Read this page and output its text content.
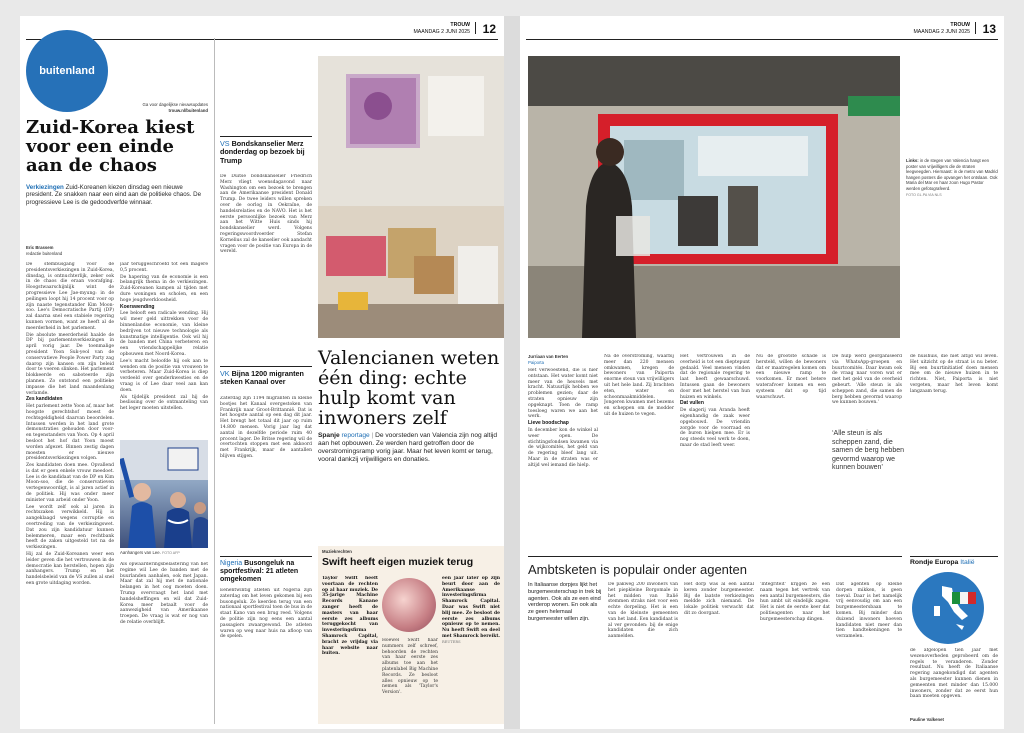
TROUW
MAANDAG 2 JUNI 2025 12
buitenland
Ga voor dagelijkse nieuwsupdates
trouw.nl/buitenland
Zuid-Korea kiest voor een einde aan de chaos
Verkiezingen Zuid-Koreanen kiezen dinsdag een nieuwe president. Ze snakken naar een eind aan de politieke chaos. De progressieve Lee is de gedoodverfde winnaar.
Eric Brassem
redactie buitenland

De stembusgang voor de presidentsverkiezingen in Zuid-Korea, dinsdag, is ontnuchterlijk, zeker ook in de chaos die eraan voorafging. Hoogstwaarschijnlijk wint de progressieve Lee Jae-myung: in de peilingen loopt hij 14 procent voor op zijn naaste tegenstander Kim Moon-soo. Lee's Democratische Partij (DP) zal daarna snel een stabiele regering kunnen vormen, want ze heeft al de meerderheid in het parlement.

Die absolute meerderheid haalde de DP bij parlementsverkiezingen in april vorig jaar. De toenmalige president Yoon Suk-yeol van de conservatieve People Power Party zag daarop zijn kansen om zijn beleid door te voeren slinken. Het parlement blokkeerde en saboteerde zijn plannen. Zo ontstond een politieke impasse die het land maandenlang verlamde.

Zes kandidaten

Het parlement zette Yoon af, maar het hoogste gerechtshof moest de rechtsgeldigheid daarvan beoordelen. Intussen werden in het land grote demonstraties gehouden door voor- en tegenstanders van Yoon. Op 4 april besloot het hof dat Yoon moest worden afgezet. Binnen zestig dagen moesten er nieuwe presidentsverkiezingen volgen.

Zes kandidaten doen mee. Opvallend is dat er geen enkele vrouw meedoet. Lee is de kandidaat van de DP en Kim Moon-soo, die de conservatieven vertegenwoordigt, is al jaren actief in de politiek. Hij was onder meer minister van arbeid onder Yoon.

Lee wordt zelf ook al jaren in rechtszaken verwikkeld. Hij is aangeklaagd wegens corruptie en overtreding van de verkiezingswet. Dat zou zijn kandidatuur kunnen belemmeren, maar een rechtbank heeft de zaken uitgesteld tot na de verkiezingen.

Hij zal de Zuid-Koreanen weer een leider geven die het vertrouwen in de democratie kan herstellen, hopen zijn aanhangers. Trump en het handelsbeleid van de VS zullen al snel een grote uitdaging worden.

jaar teruggeschroefd tot een magere 0,5 procent.

De hapering van de economie is een belangrijk thema in de verkiezingen. Zuid-Koreanen kampen al tijden met dure woningen en scholen, en een hoge jeugdwerkloosheid.

Koerswending

Lee belooft een radicale wending. Hij wil meer geld uittrekken voor de binnenlandse economie, van kleine bedrijven tot nieuwe technologie als kunstmatige intelligentie. Ook wil hij de banden met China verbeteren en een vriendschappelijke relatie opbouwen met Noord-Korea.

Lee's macht beloofde hij ook aan te wenden om de positie van vrouwen te verbeteren. Maar Zuid-Korea is diep verdeeld over genderkwesties en de vraag is of Lee daar veel aan kan doen.

Als tijdelijk president zal hij de beslissing over de ontmanteling van het leger moeten uitstellen.

Aanhangers van Lee. FOTO AFP

Als opwaarderingsbelastering van het regime wil Lee de banden met de buurlanden aanhalen, ook met Japan. Maar dat zal hij met de nationale belangen in het oog moeten doen. Trump overvraagt het land met handelsheffingen en wil dat Zuid-Korea meer betaalt voor de aanwezigheid van Amerikaanse troepen. De vraag is wat er nog van de relatie overblijft.

VS Bondskanselier Merz donderdag op bezoek bij Trump
De Duitse bondskanselier Friedrich Merz vliegt woensdagavond naar Washington om een bezoek te brengen aan de Amerikaanse president Donald Trump. De twee leiders willen spreken over de oorlog in Oekraïne, de handelsrelaties en de NAVO. Het is het eerste persoonlijke bezoek van Merz aan het Witte Huis sinds hij bondskanselier werd. Volgens regeringswoordvoerder Stefan Kornelius zal de kanselier ook aandacht vragen voor de positie van Europa in de wereld.
VK Bijna 1200 migranten steken Kanaal over
Zaterdag zijn 1194 migranten in kleine bootjes het Kanaal overgestoken van Frankrijk naar Groot-Brittannië. Dat is het hoogste aantal op een dag dit jaar. Het brengt het totaal dit jaar op ruim 14.800 mensen. Vorig jaar lag dat aantal in dezelfde periode ruim 40 procent lager. De Britse regering wil de overtochten stoppen met een akkoord met Frankrijk, maar de aantallen blijven stijgen.
Nigeria Busongeluk na sportfestival: 21 atleten omgekomen
Eenentwintig atleten uit Nigeria zijn zaterdag om het leven gekomen bij een busongeluk. Ze keerden terug van een nationaal sportfestival toen de bus in de staat Kano van een brug reed. Volgens de politie zijn nog eens een aantal passagiers zwaargewond. De atleten waren op weg naar huis na afloop van de spelen.
Valencianen weten één ding: echte hulp komt van inwoners zelf
Spanje reportage | De voorsteden van Valencia zijn nog altijd aan het opbouwen. Ze werden hard getroffen door de overstromingsramp vorig jaar. Maar het leven komt er terug, vooral dankzij vrijwilligers en donaties.
Muziekrechten
Swift heeft eigen muziek terug
Taylor Swift heeft voortaan de rechten op al haar muziek. De 35-jarige Machine Records Kanane zanger heeft de masters van haar eerste zes albums teruggekocht van investeringsfirma Shamrock Capital, bracht ze vrijdag via haar website naar buiten.
Hoewel Swift haar nummers zelf schreef, behoorden de rechten van haar eerste zes albums toe aan het platenlabel Big Machine Records. Ze besloot alles opnieuw op te nemen als 'Taylor's Version'.
een jaar later op zijn beurt door aan de Amerikaanse investeringsfirma Shamrock Capital. Daar was Swift niet blij mee. Ze besloot de eerste zes albums opnieuw op te nemen. Nu heeft Swift en deel met Shamrock bereikt. REUTERS
TROUW
MAANDAG 2 JUNI 2025 13
Links: in de stegen van Valencia hangt een poster van vrijwilligers die de straten leegveegden. Hiernaast: in de metro van Madrid hangen posters die opvangen het ontslaan. Ook Maria del Mar en haar zoon Hugo Pastor werden gefotografeerd.
FOTO GL.PA VIA NLS
Jurriaan van Eerten
Paiporta

Het verwoestend, die is hier ontstaan. Het water komt niet meer van de heuvels met kracht. Natuurlijk hebben we problemen gezien; daar de straten opnieuw zijn opgeknapt. Toen de ramp toesloeg waren we aan het werk.

Lieve boodschap

In december kon de winkel al weer open. De stichtingsfondsen kwamen via de wijkcomités, het geld van de regering bleef lang uit. Maar in de straten was er altijd wel iemand die hielp.

Na de overstroming, waarbij meer dan 220 mensen omkwamen, kregen de bewoners van Paiporta enorme steun van vrijwilligers uit het hele land. Zij brachten eten, water en schoonmaakmiddelen. Jongeren kwamen met bezems en scheppen om de modder uit de huizen te vegen.

Het vertrouwen in de overheid is tot een dieptepunt gedaald. Veel mensen vinden dat de regionale regering te laat heeft gewaarschuwd. Intussen gaan de bewoners door met het herstel van hun huizen en winkels.

Dat vullen

De slagerij van Aranda heeft eigenhandig de zaak weer opgebouwd. De vriendin zorgde voor de voorraad en de buren hielpen mee. Er is nog steeds veel werk te doen, maar de stad leeft weer.

Nu de grootste schade is hersteld, willen de bewoners dat er maatregelen komen om een nieuwe ramp te voorkomen. Er moet betere waterafvoer komen en een systeem dat op tijd waarschuwt.
De hulp werd georganiseerd via WhatsApp-groepen en buurtcomités. Daar kwam ook de vraag naar voren wat er met het geld van de overheid gebeurt. 'Alle steun is als scheppen zand, die samen de berg hebben gevormd waarop we kunnen bouwen.'
‘Alle steun is als scheppen zand, die samen de berg hebben gevormd waarop we kunnen bouwen’
de huishuis, die niet altijd wil leven. Het uitzicht op de straat is nu beter. Bij een buurtinitiatief doen mensen mee om de nieuwe huizen in te richten. Niet, Paiporta is niet vergeten, maar het leven komt langzaam terug.
Ambtsketen is populair onder agenten
In Italiaanse dorpjes lijkt het burgemeesterschap in trek bij agenten. Ook als ze een eind verderop wonen. En ook als ze geen helemaal burgemeester willen zijn.
De pakweg 200 inwoners van het piepkleine Borgomale in het midden van Italië stemmen straks niet voor een echte dorpeling. Het is een van de kleinste gemeenten van het land. Een kandidaat is al ver gevonden: bij de enige kandidaten die zich aanmelden.
Het dorp was al een aantal keren zonder burgemeester. Bij de laatste verkiezingen meldde zich niemand. De lokale politiek verwacht dat dit zo doorgaat.
'Integriteit' krijgen ze een naam tegen het vertrek van een aantal burgemeesters, die hun ambt uit eindelijk zagen. Het is niet de eerste keer dat politieagenten naar het burgemeesterschap dingen.
Dat agenten op kleine dorpen mikken, is geen toeval. Daar is het namelijk vrij eenvoudig om aan een burgemeestersbaan te komen. Bij minder dan duizend inwoners hoeven kandidaten niet meer dan tien handtekeningen te verzamelen.
Rondje Europa Italië
de afgelopen tien jaar met wezenoverheden geprobeerd om de regels te veranderen. Zonder resultaat. Nu heeft de Italiaanse regering aangekondigd dat agenten als burgemeester kunnen dienen in gemeenten met minder dan 15.000 inwoners, zonder dat ze eerst hun baan moeten opgeven.
Pauline Valkenet
